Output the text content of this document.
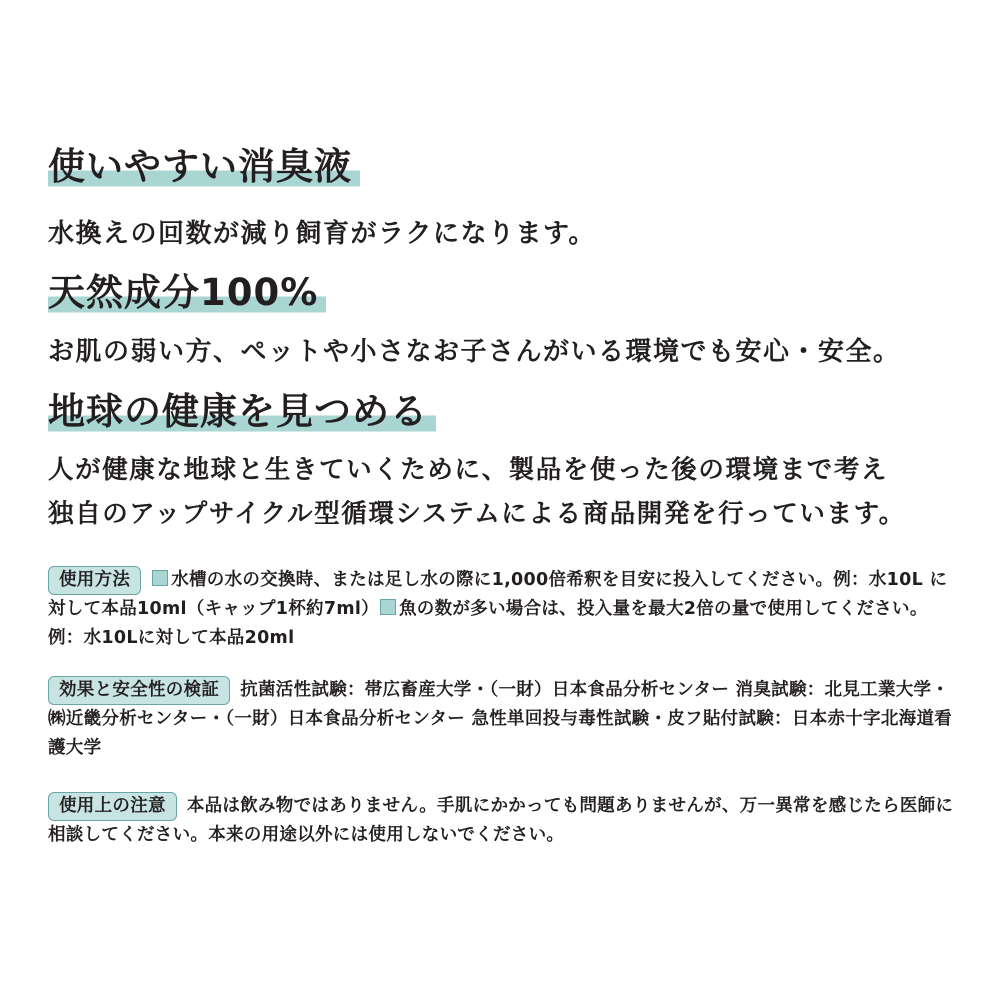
使いやすい消臭液
水換えの回数が減り飼育がラクになります。
天然成分100%
お肌の弱い方、ペットや小さなお子さんがいる環境でも安心・安全。
地球の健康を見つめる
人が健康な地球と生きていくために、製品を使った後の環境まで考え
独自のアップサイクル型循環システムによる商品開発を行っています。
使用方法 水槽の水の交換時、または足し水の際に1,000倍希釈を目安に投入してください。例：水10L に対して本品10ml（キャップ1杯約7ml） 魚の数が多い場合は、投入量を最大2倍の量で使用してください。例：水10Lに対して本品20ml
効果と安全性の検証 抗菌活性試験：帯広畜産大学・（一財）日本食品分析センター 消臭試験：北見工業大学・㈱近畿分析センター・（一財）日本食品分析センター 急性単回投与毒性試験・皮フ貼付試験：日本赤十字北海道看護大学
使用上の注意 本品は飲み物ではありません。手肌にかかっても問題ありませんが、万一異常を感じたら医師に相談してください。本来の用途以外には使用しないでください。
